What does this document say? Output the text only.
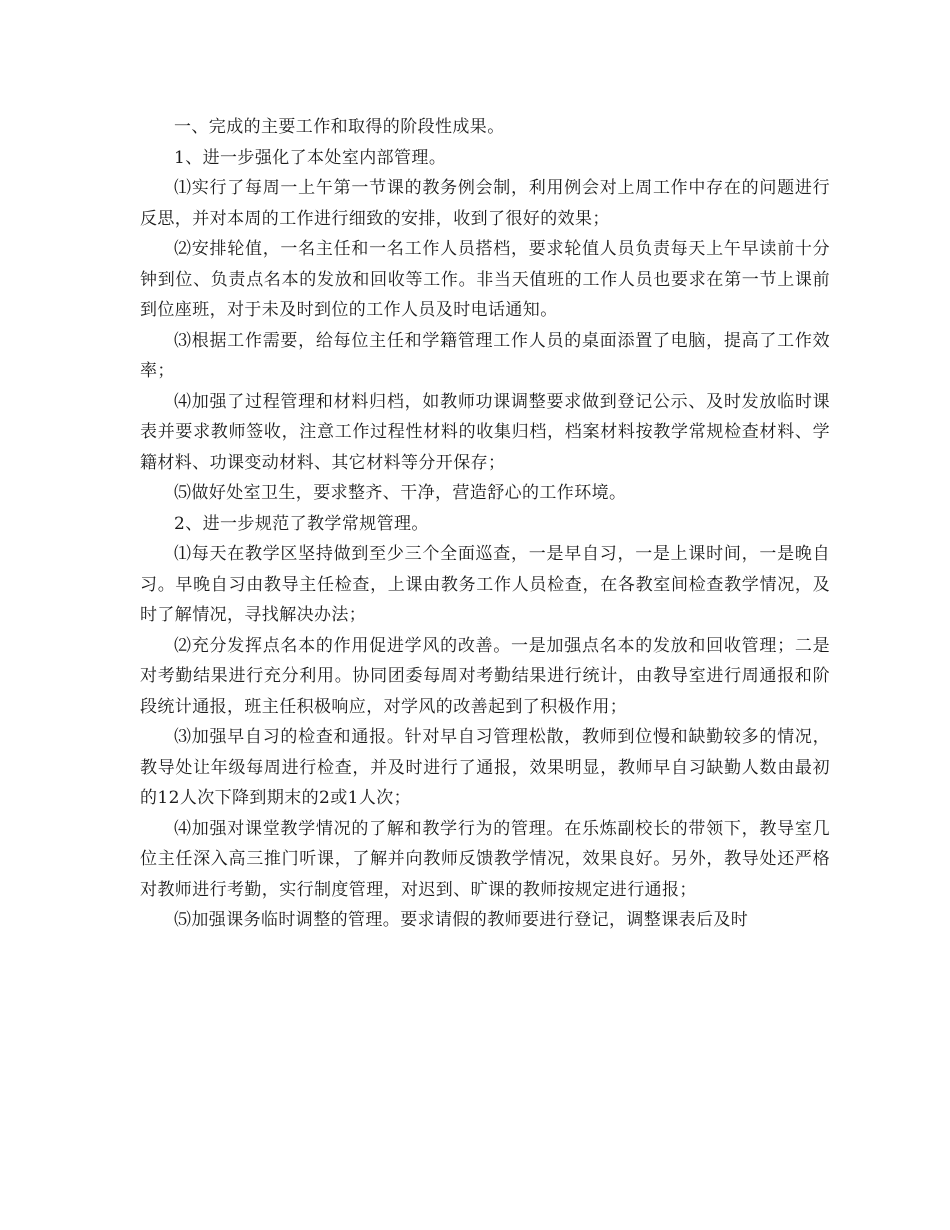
一、完成的主要工作和取得的阶段性成果。

1、进一步强化了本处室内部管理。

⑴实行了每周一上午第一节课的教务例会制，利用例会对上周工作中存在的问题进行反思，并对本周的工作进行细致的安排，收到了很好的效果；

⑵安排轮值，一名主任和一名工作人员搭档，要求轮值人员负责每天上午早读前十分钟到位、负责点名本的发放和回收等工作。非当天值班的工作人员也要求在第一节上课前到位座班，对于未及时到位的工作人员及时电话通知。

⑶根据工作需要，给每位主任和学籍管理工作人员的桌面添置了电脑，提高了工作效率；

⑷加强了过程管理和材料归档，如教师功课调整要求做到登记公示、及时发放临时课表并要求教师签收，注意工作过程性材料的收集归档，档案材料按教学常规检查材料、学籍材料、功课变动材料、其它材料等分开保存；

⑸做好处室卫生，要求整齐、干净，营造舒心的工作环境。

2、进一步规范了教学常规管理。

⑴每天在教学区坚持做到至少三个全面巡查，一是早自习，一是上课时间，一是晚自习。早晚自习由教导主任检查，上课由教务工作人员检查，在各教室间检查教学情况，及时了解情况，寻找解决办法；

⑵充分发挥点名本的作用促进学风的改善。一是加强点名本的发放和回收管理；二是对考勤结果进行充分利用。协同团委每周对考勤结果进行统计，由教导室进行周通报和阶段统计通报，班主任积极响应，对学风的改善起到了积极作用；

⑶加强早自习的检查和通报。针对早自习管理松散，教师到位慢和缺勤较多的情况，教导处让年级每周进行检查，并及时进行了通报，效果明显，教师早自习缺勤人数由最初的12人次下降到期末的2或1人次；

⑷加强对课堂教学情况的了解和教学行为的管理。在乐炼副校长的带领下，教导室几位主任深入高三推门听课，了解并向教师反馈教学情况，效果良好。另外，教导处还严格对教师进行考勤，实行制度管理，对迟到、旷课的教师按规定进行通报；

⑸加强课务临时调整的管理。要求请假的教师要进行登记，调整课表后及时
